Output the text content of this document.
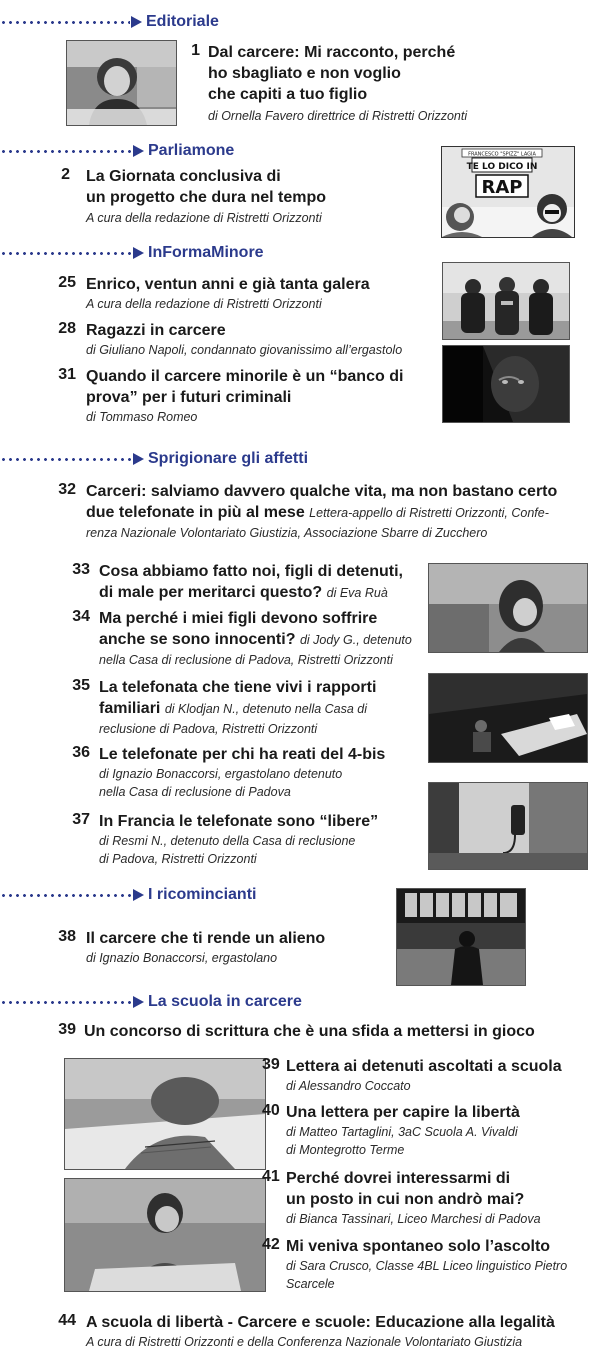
Editoriale
1 Dal carcere: Mi racconto, perché
ho sbagliato e non voglio
che capiti a tuo figlio
di Ornella Favero direttrice di Ristretti Orizzonti
Parliamone
2 La Giornata conclusiva di
un progetto che dura nel tempo
A cura della redazione di Ristretti Orizzonti
FRANCESCO "SPIZZ" LAGIA
TE LO DICO IN
RAP
InFormaMinore
25 Enrico, ventun anni e già tanta galera
A cura della redazione di Ristretti Orizzonti
28 Ragazzi in carcere
di Giuliano Napoli, condannato giovanissimo all’ergastolo
31 Quando il carcere minorile è un “banco di
prova” per i futuri criminali
di Tommaso Romeo
Sprigionare gli affetti
32 Carceri: salviamo davvero qualche vita, ma non bastano certo
due telefonate in più al mese Lettera-appello di Ristretti Orizzonti, Confe-
renza Nazionale Volontariato Giustizia, Associazione Sbarre di Zucchero
33 Cosa abbiamo fatto noi, figli di detenuti,
di male per meritarci questo? di Eva Ruà
34 Ma perché i miei figli devono soffrire
anche se sono innocenti? di Jody G., detenuto
nella Casa di reclusione di Padova, Ristretti Orizzonti
35 La telefonata che tiene vivi i rapporti
familiari di Klodjan N., detenuto nella Casa di
reclusione di Padova, Ristretti Orizzonti
36 Le telefonate per chi ha reati del 4-bis
di Ignazio Bonaccorsi, ergastolano detenuto
nella Casa di reclusione di Padova
37 In Francia le telefonate sono “libere”
di Resmi N., detenuto della Casa di reclusione
di Padova, Ristretti Orizzonti
I ricomincianti
38 Il carcere che ti rende un alieno
di Ignazio Bonaccorsi, ergastolano
La scuola in carcere
39 Un concorso di scrittura che è una sfida a mettersi in gioco
39 Lettera ai detenuti ascoltati a scuola
di Alessandro Coccato
40 Una lettera per capire la libertà
di Matteo Tartaglini, 3aC Scuola A. Vivaldi
di Montegrotto Terme
41 Perché dovrei interessarmi di
un posto in cui non andrò mai?
di Bianca Tassinari, Liceo Marchesi di Padova
42 Mi veniva spontaneo solo l’ascolto
di Sara Crusco, Classe 4BL Liceo linguistico Pietro
Scarcele
44 A scuola di libertà - Carcere e scuole: Educazione alla legalità
A cura di Ristretti Orizzonti e della Conferenza Nazionale Volontariato Giustizia
